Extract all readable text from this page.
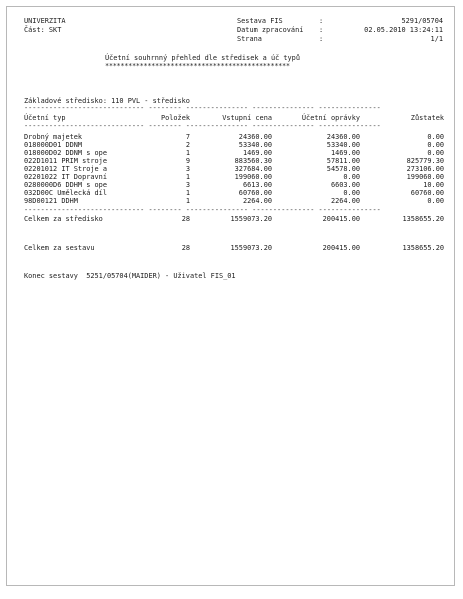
UNIVERZITA
Část: SKT
Sestava FIS	:	5291/05704
Datum zpracování :	02.05.2010 13:24:11
Strana	:	1/1
Účetní souhrnný přehled dle středisek a úč typů
************************************************
Základové středisko: 110 PVL - středisko
----------------------------- -------- --------------- --------------- ---------------
Účetní typ	Položek	Vstupní cena	Účetní oprávky	Zůstatek
----------------------------- -------- --------------- --------------- ---------------
Drobný majetek	7	24360.00	24360.00	0.00
018000D01 DDNM	2	53340.00	53340.00	0.00
018000D02 DDNM s ope	1	1469.00	1469.00	0.00
022D1011 PRIM stroje	9	883560.30	57811.00	825779.30
02201012 IT Stroje a	3	327684.00	54578.00	273106.00
02201022 IT Dopravní	1	199060.00	0.00	199060.00
0280000D6 DDHM s ope	3	6613.00	6603.00	10.00
032D00C Umělecká díl	1	60760.00	0.00	60760.00
98D00121 DDHM	1	2264.00	2264.00	0.00
----------------------------- -------- --------------- --------------- ---------------
Celkem za středisko	28	1559073.20	200415.00	1358655.20
Celkem za sestavu	28	1559073.20	200415.00	1358655.20
Konec sestavy  5251/05704(MAIDER) - Uživatel FIS_01
